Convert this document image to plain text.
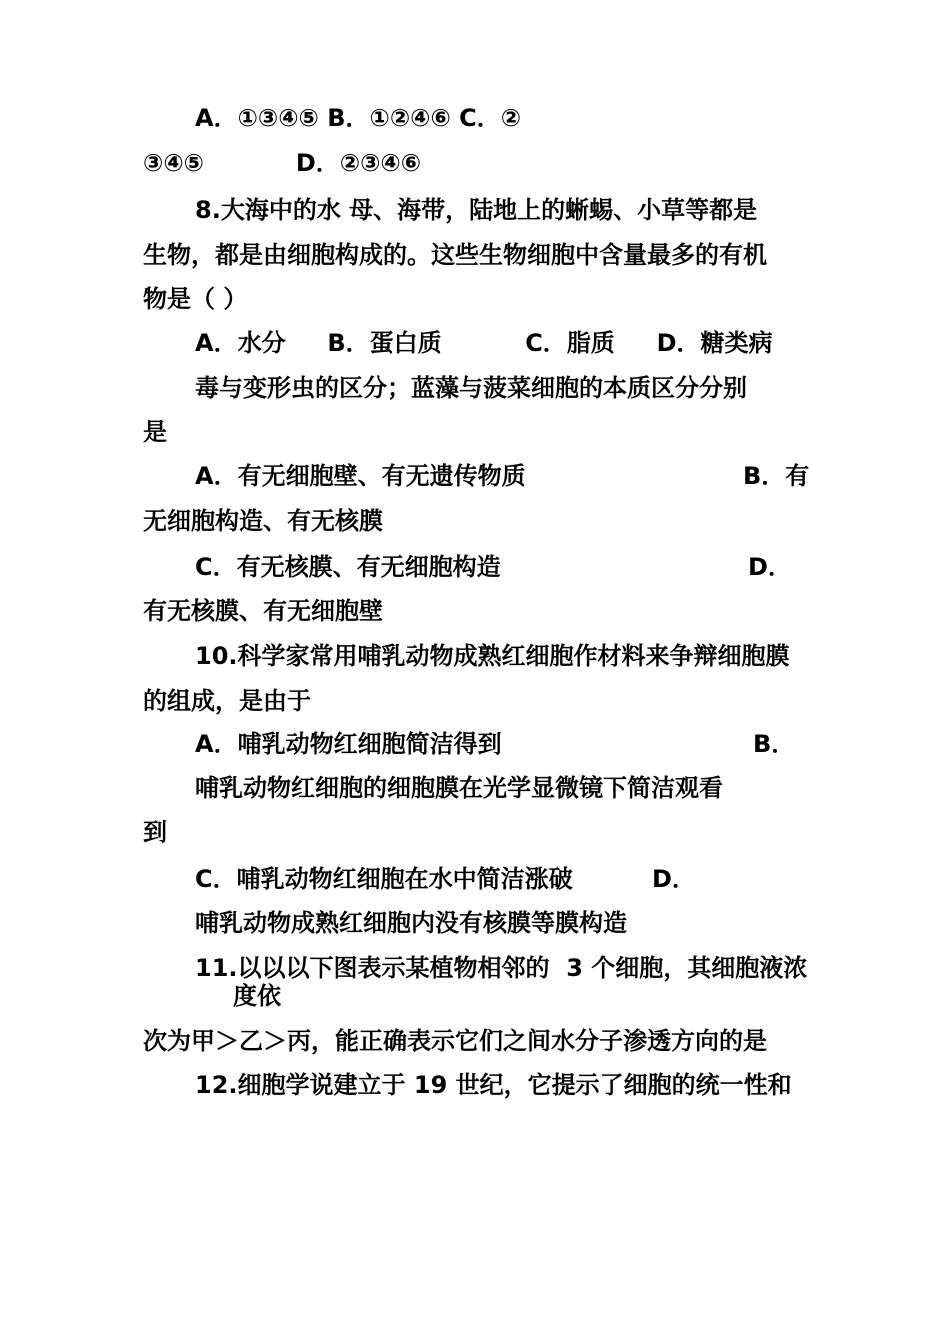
A．①③④⑤ B．①②④⑥ C．②
③④⑤           D．②③④⑥
8.大海中的水 母、海带，陆地上的蜥蜴、小草等都是
生物，都是由细胞构成的。这些生物细胞中含量最多的有机
物是（ ）
A．水分     B．蛋白质          C．脂质     D．糖类病
毒与变形虫的区分；蓝藻与菠菜细胞的本质区分分别
是
A．有无细胞壁、有无遗传物质	B．有
无细胞构造、有无核膜
C．有无核膜、有无细胞构造	D．
有无核膜、有无细胞壁
10.科学家常用哺乳动物成熟红细胞作材料来争辩细胞膜
的组成，是由于
A．哺乳动物红细胞简洁得到	B．
哺乳动物红细胞的细胞膜在光学显微镜下简洁观看
到
C．哺乳动物红细胞在水中简洁涨破	D．
哺乳动物成熟红细胞内没有核膜等膜构造
11.以以以下图表示某植物相邻的  3 个细胞，其细胞液浓
度依
次为甲＞乙＞丙，能正确表示它们之间水分子渗透方向的是
12.细胞学说建立于 19 世纪，它提示了细胞的统一性和
